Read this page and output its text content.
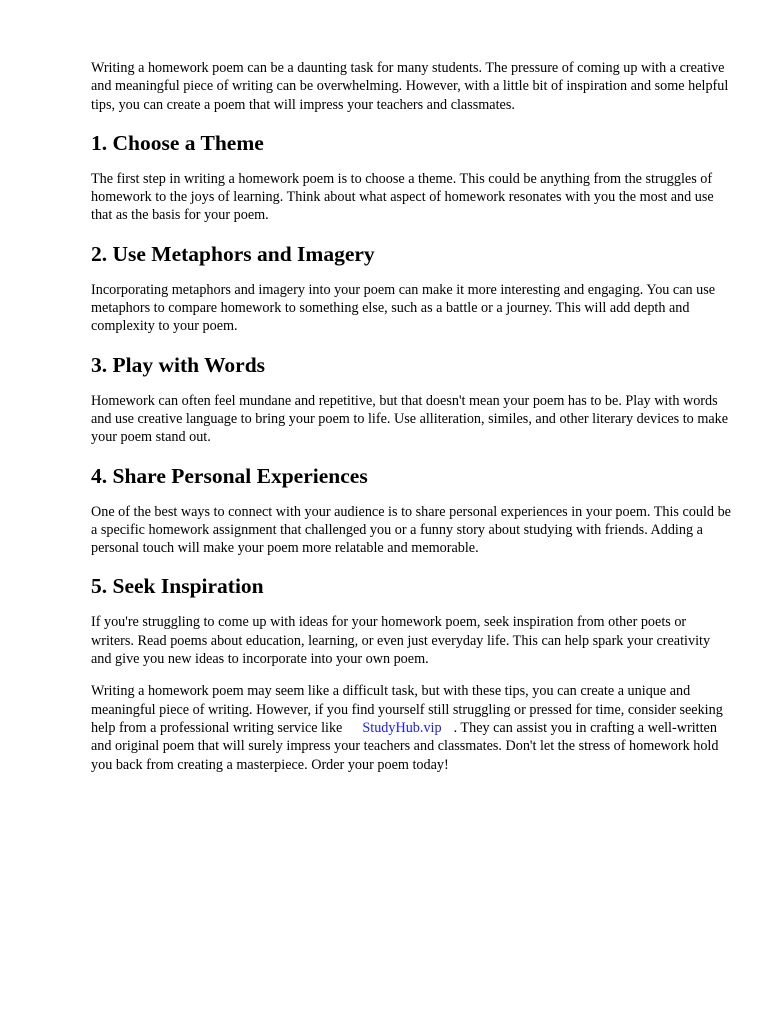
Writing a homework poem can be a daunting task for many students. The pressure of coming up with a creative and meaningful piece of writing can be overwhelming. However, with a little bit of inspiration and some helpful tips, you can create a poem that will impress your teachers and classmates.

1. Choose a Theme

The first step in writing a homework poem is to choose a theme. This could be anything from the struggles of homework to the joys of learning. Think about what aspect of homework resonates with you the most and use that as the basis for your poem.

2. Use Metaphors and Imagery

Incorporating metaphors and imagery into your poem can make it more interesting and engaging. You can use metaphors to compare homework to something else, such as a battle or a journey. This will add depth and complexity to your poem.

3. Play with Words

Homework can often feel mundane and repetitive, but that doesn't mean your poem has to be. Play with words and use creative language to bring your poem to life. Use alliteration, similes, and other literary devices to make your poem stand out.

4. Share Personal Experiences

One of the best ways to connect with your audience is to share personal experiences in your poem. This could be a specific homework assignment that challenged you or a funny story about studying with friends. Adding a personal touch will make your poem more relatable and memorable.

5. Seek Inspiration

If you're struggling to come up with ideas for your homework poem, seek inspiration from other poets or writers. Read poems about education, learning, or even just everyday life. This can help spark your creativity and give you new ideas to incorporate into your own poem.

Writing a homework poem may seem like a difficult task, but with these tips, you can create a unique and meaningful piece of writing. However, if you find yourself still struggling or pressed for time, consider seeking help from a professional writing service like StudyHub.vip . They can assist you in crafting a well-written and original poem that will surely impress your teachers and classmates. Don't let the stress of homework hold you back from creating a masterpiece. Order your poem today!
